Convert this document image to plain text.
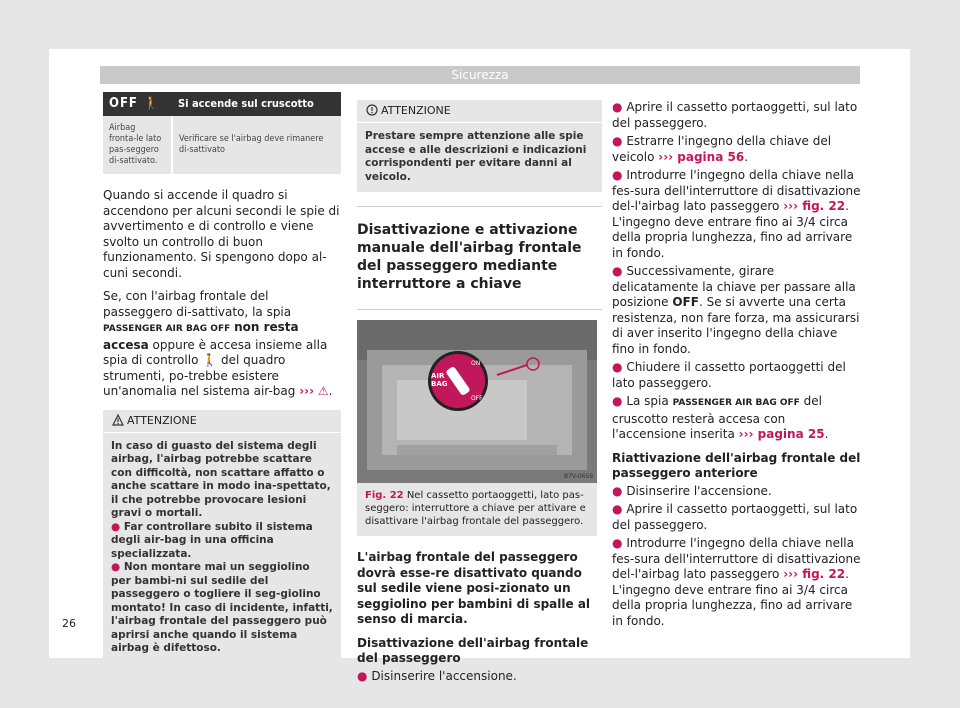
Sicurezza
OFF 🚶	Si accende sul cruscotto
Airbag fronta-le lato pas-seggero di-sattivato.	Verificare se l'airbag deve rimanere di-sattivato

Quando si accende il quadro si accendono per alcuni secondi le spie di avvertimento e di controllo e viene svolto un controllo di buon funzionamento. Si spengono dopo al-cuni secondi.

Se, con l'airbag frontale del passeggero di-sattivato, la spia PASSENGER AIR BAG OFF non resta accesa oppure è accesa insieme alla spia di controllo 🚶 del quadro strumenti, po-trebbe esistere un'anomalia nel sistema air-bag ››› ⚠.

ATTENZIONE
In caso di guasto del sistema degli airbag, l'airbag potrebbe scattare con difficoltà, non scattare affatto o anche scattare in modo ina-spettato, il che potrebbe provocare lesioni gravi o mortali.
● Far controllare subito il sistema degli air-bag in una officina specializzata.
● Non montare mai un seggiolino per bambi-ni sul sedile del passeggero o togliere il seg-giolino montato! In caso di incidente, infatti, l'airbag frontale del passeggero può aprirsi anche quando il sistema airbag è difettoso.
ATTENZIONE
Prestare sempre attenzione alle spie accese e alle descrizioni e indicazioni corrispondenti per evitare danni al veicolo.
Disattivazione e attivazione manuale dell'airbag frontale del passeggero mediante interruttore a chiave
AIR
BAG
ON
OFF
B7V-0659
Fig. 22 Nel cassetto portaoggetti, lato pas-seggero: interruttore a chiave per attivare e disattivare l'airbag frontale del passeggero.

L'airbag frontale del passeggero dovrà esse-re disattivato quando sul sedile viene posi-zionato un seggiolino per bambini di spalle al senso di marcia.

Disattivazione dell'airbag frontale del passeggero
● Disinserire l'accensione.
● Aprire il cassetto portaoggetti, sul lato del passeggero.
● Estrarre l'ingegno della chiave del veicolo ››› pagina 56.
● Introdurre l'ingegno della chiave nella fes-sura dell'interruttore di disattivazione del-l'airbag lato passeggero ››› fig. 22. L'ingegno deve entrare fino ai 3/4 circa della propria lunghezza, fino ad arrivare in fondo.
● Successivamente, girare delicatamente la chiave per passare alla posizione OFF. Se si avverte una certa resistenza, non fare forza, ma assicurarsi di aver inserito l'ingegno della chiave fino in fondo.
● Chiudere il cassetto portaoggetti del lato passeggero.
● La spia PASSENGER AIR BAG OFF del cruscotto resterà accesa con l'accensione inserita ››› pagina 25.
Riattivazione dell'airbag frontale del passeggero anteriore
● Disinserire l'accensione.
● Aprire il cassetto portaoggetti, sul lato del passeggero.
● Introdurre l'ingegno della chiave nella fes-sura dell'interruttore di disattivazione del-l'airbag lato passeggero ››› fig. 22. L'ingegno deve entrare fino ai 3/4 circa della propria lunghezza, fino ad arrivare in fondo.
26
